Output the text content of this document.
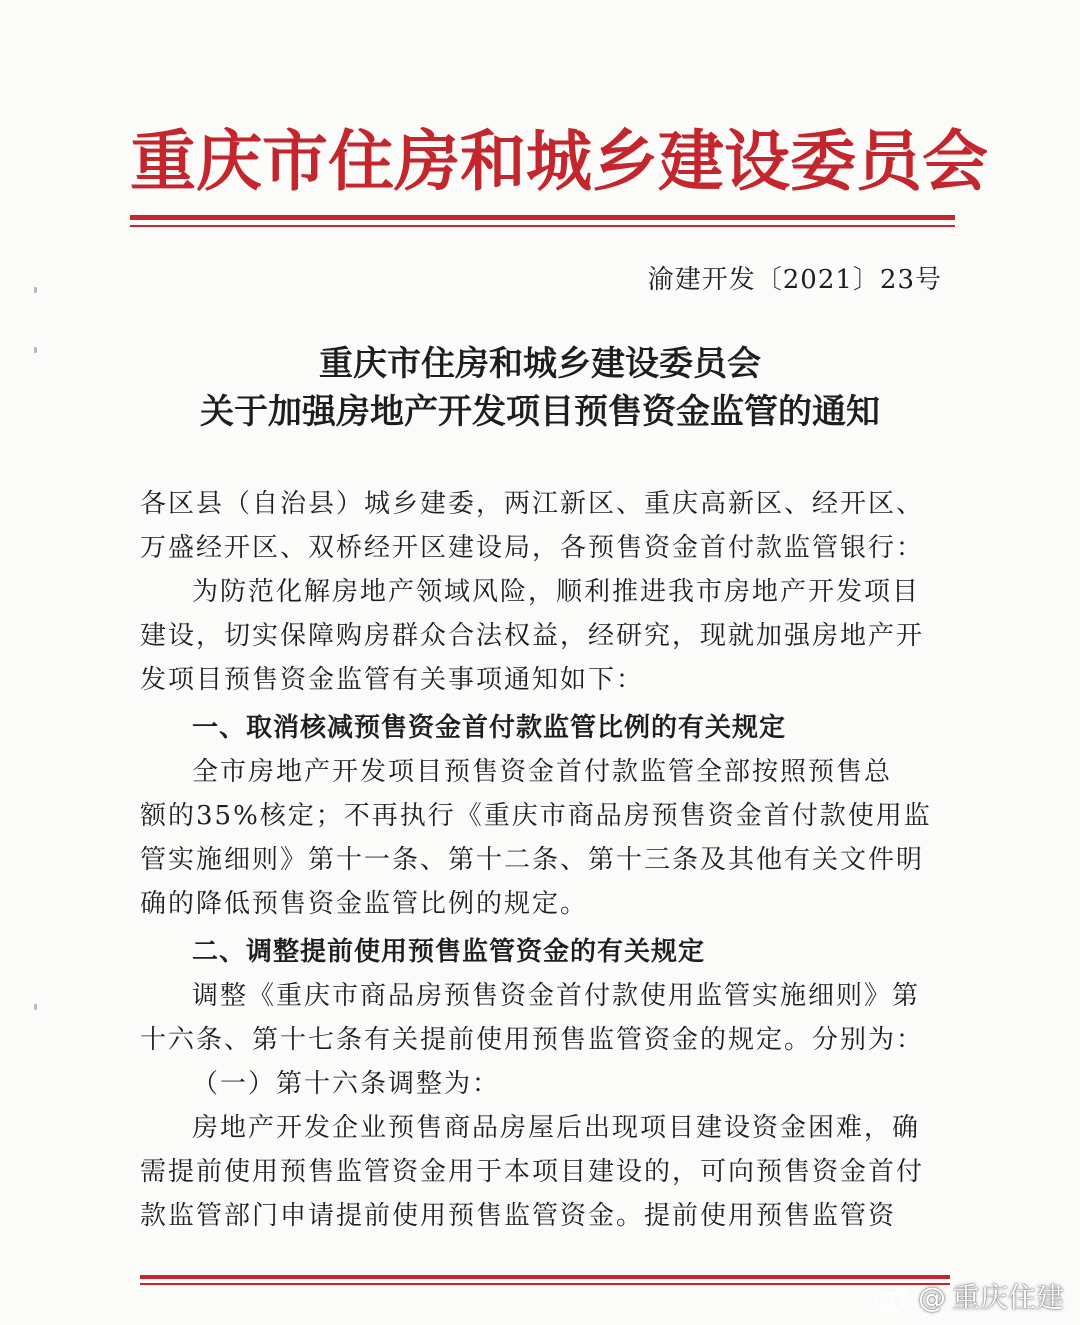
重庆市住房和城乡建设委员会
渝建开发〔2021〕23号
重庆市住房和城乡建设委员会
关于加强房地产开发项目预售资金监管的通知

各区县（自治县）城乡建委，两江新区、重庆高新区、经开区、

万盛经开区、双桥经开区建设局，各预售资金首付款监管银行：

为防范化解房地产领域风险，顺利推进我市房地产开发项目

建设，切实保障购房群众合法权益，经研究，现就加强房地产开

发项目预售资金监管有关事项通知如下：

一、取消核减预售资金首付款监管比例的有关规定

全市房地产开发项目预售资金首付款监管全部按照预售总

额的35%核定；不再执行《重庆市商品房预售资金首付款使用监

管实施细则》第十一条、第十二条、第十三条及其他有关文件明

确的降低预售资金监管比例的规定。

二、调整提前使用预售监管资金的有关规定

调整《重庆市商品房预售资金首付款使用监管实施细则》第

十六条、第十七条有关提前使用预售监管资金的规定。分别为：

（一）第十六条调整为：

房地产开发企业预售商品房屋后出现项目建设资金困难，确

需提前使用预售监管资金用于本项目建设的，可向预售资金首付

款监管部门申请提前使用预售监管资金。提前使用预售监管资

@ 重庆住建
